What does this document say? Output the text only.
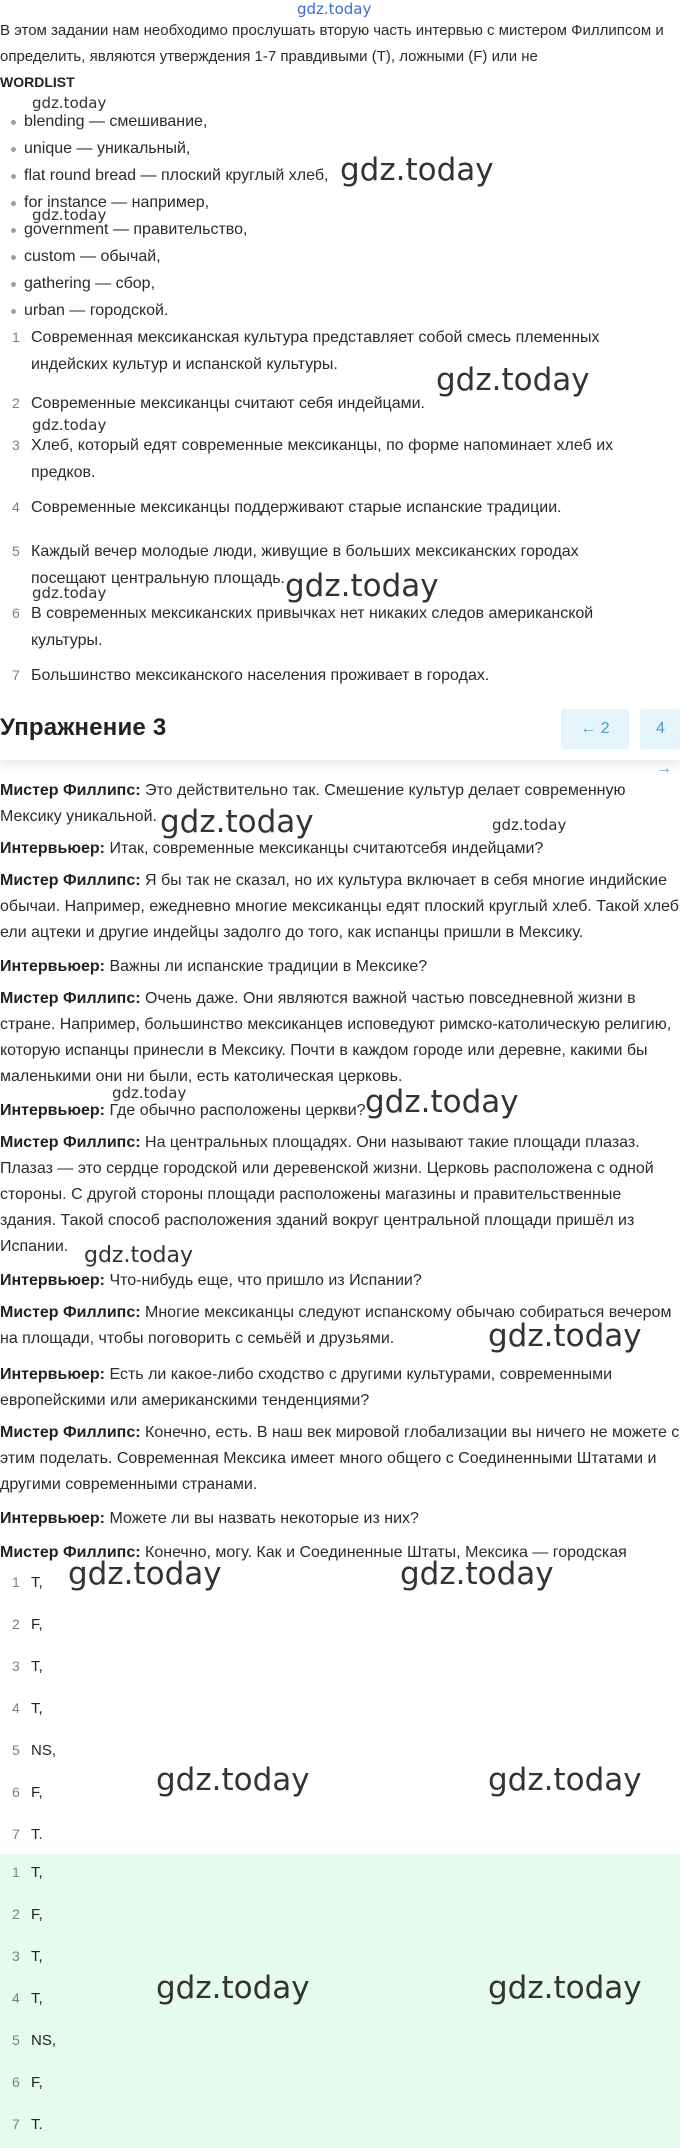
gdz.today
В этом задании нам необходимо прослушать вторую часть интервью с мистером Филлипсом и определить, являются утверждения 1-7 правдивыми (T), ложными (F) или не
WORDLIST
gdz.today
blending — смешивание,
unique — уникальный,
flat round bread — плоский круглый хлеб,
for instance — например,
government — правительство,
custom — обычай,
gathering — сбор,
urban — городской.
gdz.today
gdz.today
1 Современная мексиканская культура представляет собой смесь племенных индейских культур и испанской культуры.	gdz.today
2 Современные мексиканцы считают себя индейцами.
gdz.today
3 Хлеб, который едят современные мексиканцы, по форме напоминает хлеб их предков.
4 Современные мексиканцы поддерживают старые испанские традиции.
5 Каждый вечер молодые люди, живущие в больших мексиканских городах посещают центральную площадь. gdz.today
gdz.today
6 В современных мексиканских привычках нет никаких следов американской культуры.
7 Большинство мексиканского населения проживает в городах.
Мистер Филлипс: Это действительно так. Смешение культур делает современную Мексику уникальной. gdz.today	gdz.today
Интервьюер: Итак, современные мексиканцы считаютсебя индейцами?
Мистер Филлипс: Я бы так не сказал, но их культура включает в себя многие индийские обычаи. Например, ежедневно многие мексиканцы едят плоский круглый хлеб. Такой хлеб ели ацтеки и другие индейцы задолго до того, как испанцы пришли в Мексику.
Интервьюер: Важны ли испанские традиции в Мексике?
Мистер Филлипс: Очень даже. Они являются важной частью повседневной жизни в стране. Например, большинство мексиканцев исповедуют римско-католическую религию, которую испанцы принесли в Мексику. Почти в каждом городе или деревне, какими бы маленькими они ни были, есть католическая церковь.
gdz.today	gdz.today
Интервьюер: Где обычно расположены церкви?
Мистер Филлипс: На центральных площадях. Они называют такие площади плазаз. Плазаз — это сердце городской или деревенской жизни. Церковь расположена с одной стороны. С другой стороны площади расположены магазины и правительственные здания. Такой способ расположения зданий вокруг центральной площади пришёл из Испании. gdz.today
Интервьюер: Что-нибудь еще, что пришло из Испании?
Мистер Филлипс: Многие мексиканцы следуют испанскому обычаю собираться вечером на площади, чтобы поговорить с семьёй и друзьями.	gdz.today
Интервьюер: Есть ли какое-либо сходство с другими культурами, современными европейскими или американскими тенденциями?
Мистер Филлипс: Конечно, есть. В наш век мировой глобализации вы ничего не можете с этим поделать. Современная Мексика имеет много общего с Соединенными Штатами и другими современными странами.
Интервьюер: Можете ли вы назвать некоторые из них?
Мистер Филлипс: Конечно, могу. Как и Соединенные Штаты, Мексика — городская
1 T,
2 F,
3 T,
4 T,
5 NS,
6 F,
7 T.
gdz.today	gdz.today
gdz.today	gdz.today
1 T,
2 F,
3 T,
4 T,
5 NS,
6 F,
7 T.
gdz.today	gdz.today
Упражнение 3	← 2	4 →
